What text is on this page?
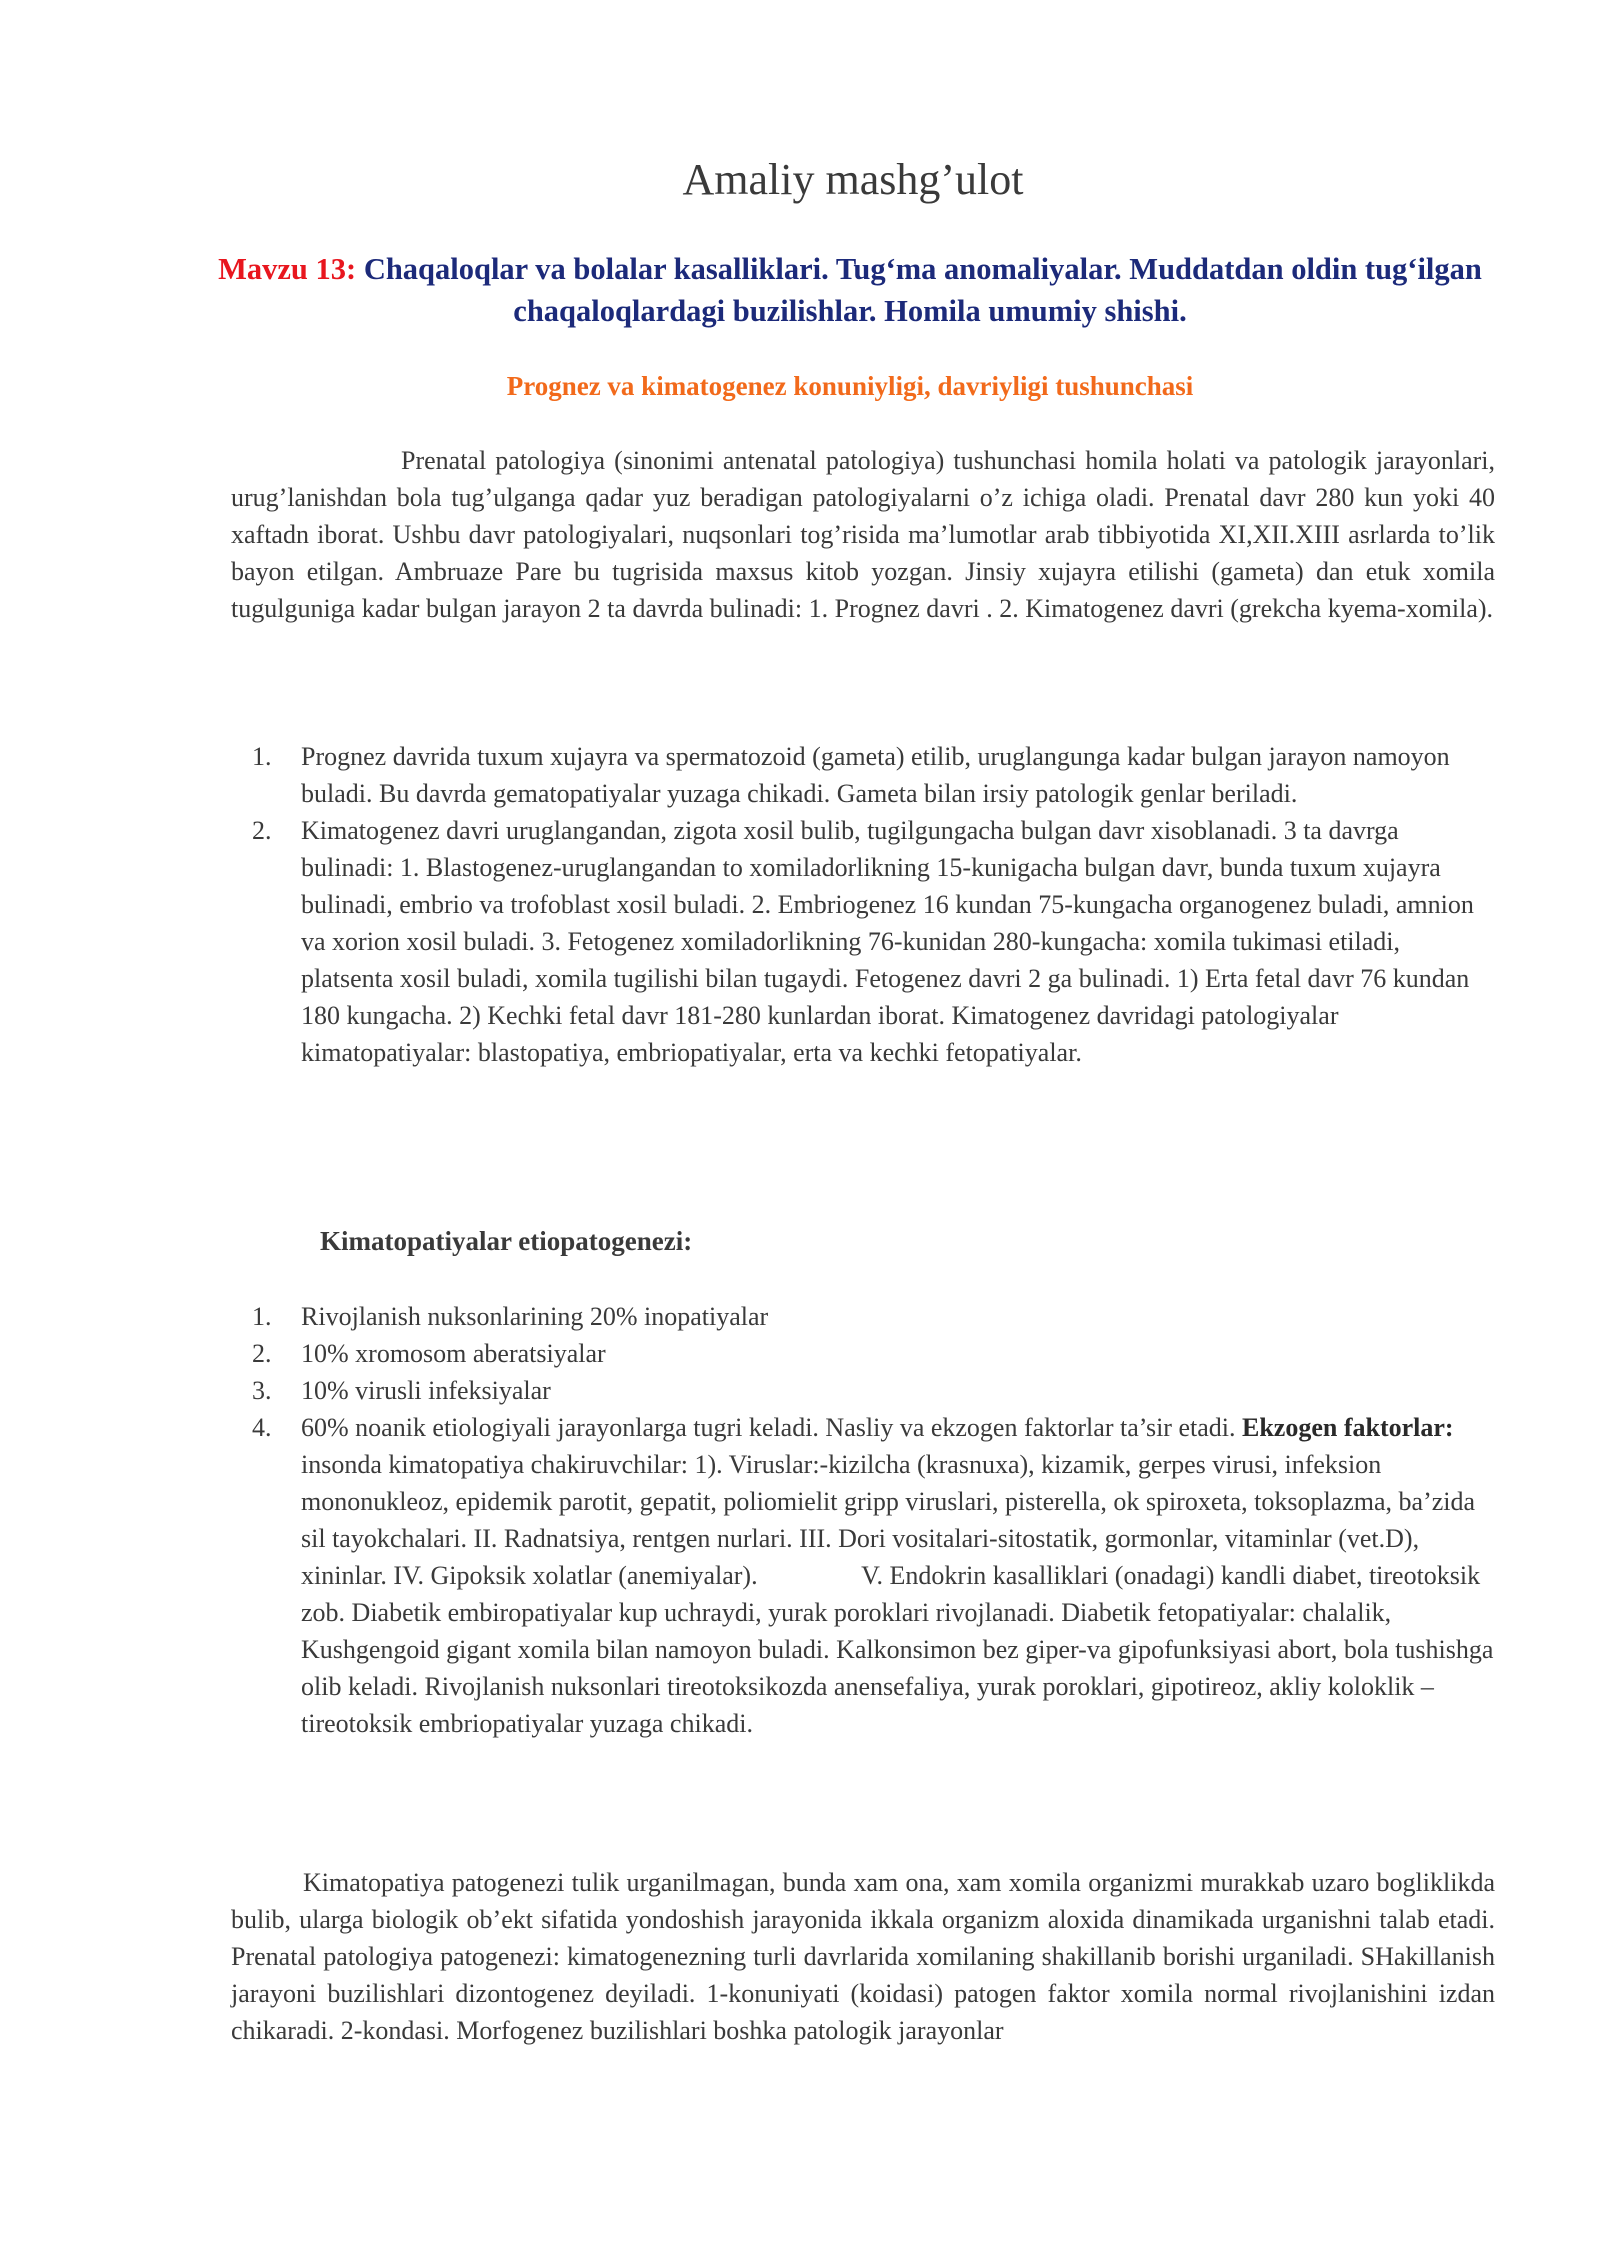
Amaliy mashg’ulot
Mavzu 13: Chaqaloqlar va bolalar kasalliklari. Tug‘ma anomaliyalar. Muddatdan oldin tug‘ilgan chaqaloqlardagi buzilishlar. Homila umumiy shishi.
Prognez va kimatogenez konuniyligi, davriyligi tushunchasi
Prenatal patologiya (sinonimi antenatal patologiya) tushunchasi homila holati va patologik jarayonlari, urug’lanishdan bola tug’ulganga qadar yuz beradigan patologiyalarni o’z ichiga oladi. Prenatal davr 280 kun yoki 40 xaftadn iborat. Ushbu davr patologiyalari, nuqsonlari tog’risida ma’lumotlar arab tibbiyotida XI,XII.XIII asrlarda to’lik bayon etilgan. Ambruaze Pare bu tugrisida maxsus kitob yozgan. Jinsiy xujayra etilishi (gameta) dan etuk xomila tugulguniga kadar bulgan jarayon 2 ta davrda bulinadi: 1. Prognez davri . 2. Kimatogenez davri (grekcha kyema-xomila).
1. Prognez davrida tuxum xujayra va spermatozoid (gameta) etilib, uruglangunga kadar bulgan jarayon namoyon buladi. Bu davrda gematopatiyalar yuzaga chikadi. Gameta bilan irsiy patologik genlar beriladi.
2. Kimatogenez davri uruglangandan, zigota xosil bulib, tugilgungacha bulgan davr xisoblanadi. 3 ta davrga bulinadi: 1. Blastogenez-uruglangandan to xomiladorlikning 15-kunigacha bulgan davr, bunda tuxum xujayra bulinadi, embrio va trofoblast xosil buladi. 2. Embriogenez 16 kundan 75-kungacha organogenez buladi, amnion va xorion xosil buladi. 3. Fetogenez xomiladorlikning 76-kunidan 280-kungacha: xomila tukimasi etiladi, platsenta xosil buladi, xomila tugilishi bilan tugaydi. Fetogenez davri 2 ga bulinadi. 1) Erta fetal davr 76 kundan 180 kungacha. 2) Kechki fetal davr 181-280 kunlardan iborat. Kimatogenez davridagi patologiyalar kimatopatiyalar: blastopatiya, embriopatiyalar, erta va kechki fetopatiyalar.
Kimatopatiyalar etiopatogenezi:
1. Rivojlanish nuksonlarining 20% inopatiyalar
2. 10% xromosom aberatsiyalar
3. 10% virusli infeksiyalar
4. 60% noanik etiologiyali jarayonlarga tugri keladi. Nasliy va ekzogen faktorlar ta’sir etadi. Ekzogen faktorlar: insonda kimatopatiya chakiruvchilar: 1). Viruslar:-kizilcha (krasnuxa), kizamik, gerpes virusi, infeksion mononukleoz, epidemik parotit, gepatit, poliomielit gripp viruslari, pisterella, ok spiroxeta, toksoplazma, ba’zida sil tayokchalari. II. Radnatsiya, rentgen nurlari. III. Dori vositalari-sitostatik, gormonlar, vitaminlar (vet.D), xininlar. IV. Gipoksik xolatlar (anemiyalar).                V. Endokrin kasalliklari (onadagi) kandli diabet, tireotoksik zob. Diabetik embiropatiyalar kup uchraydi, yurak poroklari rivojlanadi. Diabetik fetopatiyalar: chalalik, Kushgengoid gigant xomila bilan namoyon buladi. Kalkonsimon bez giper-va gipofunksiyasi abort, bola tushishga olib keladi. Rivojlanish nuksonlari tireotoksikozda anensefaliya, yurak poroklari, gipotireoz, akliy koloklik – tireotoksik embriopatiyalar yuzaga chikadi.
Kimatopatiya patogenezi tulik urganilmagan, bunda xam ona, xam xomila organizmi murakkab uzaro bogliklikda bulib, ularga biologik ob’ekt sifatida yondoshish jarayonida ikkala organizm aloxida dinamikada urganishni talab etadi. Prenatal patologiya patogenezi: kimatogenezning turli davrlarida xomilaning shakillanib borishi urganiladi. SHakillanish jarayoni buzilishlari dizontogenez deyiladi. 1-konuniyati (koidasi) patogen faktor xomila normal rivojlanishini izdan chikaradi. 2-kondasi. Morfogenez buzilishlari boshka patologik jarayonlar
